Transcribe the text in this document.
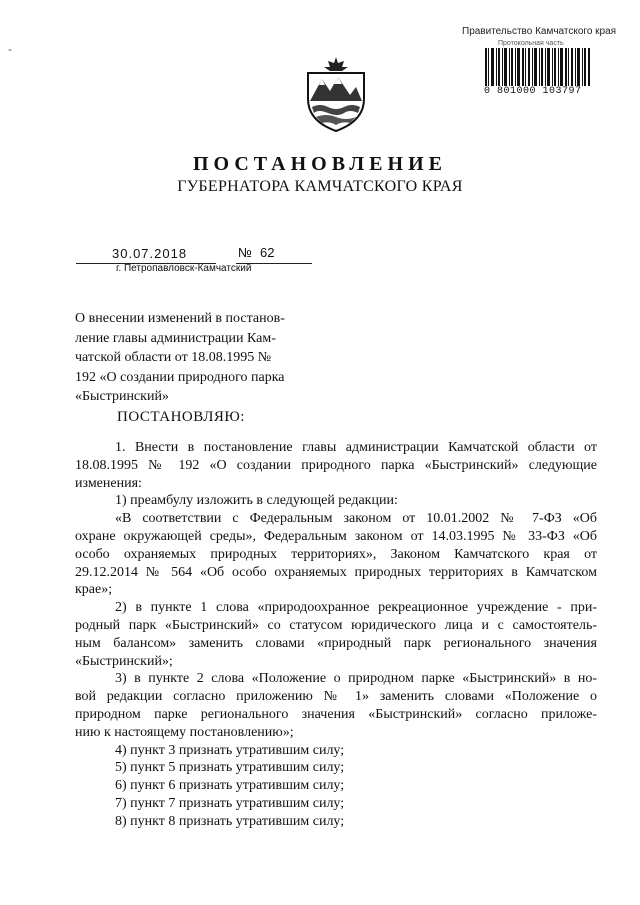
Правительство Камчатского края
Протокольная часть
0 801000 103797
-
ПОСТАНОВЛЕНИЕ
ГУБЕРНАТОРА КАМЧАТСКОГО КРАЯ
30.07.2018	№ 62
г. Петропавловск-Камчатский
О внесении изменений в постанов-
ление главы администрации Кам-
чатской области от 18.08.1995 №
192 «О создании природного парка
«Быстринский»
ПОСТАНОВЛЯЮ:
1. Внести в постановление главы администрации Камчатской области от
18.08.1995 № 192 «О создании природного парка «Быстринский» следующие
изменения:
1) преамбулу изложить в следующей редакции:
«В соответствии с Федеральным законом от 10.01.2002 № 7-ФЗ «Об
охране окружающей среды», Федеральным законом от 14.03.1995 № 33-ФЗ «Об
особо охраняемых природных территориях», Законом Камчатского края от
29.12.2014 № 564 «Об особо охраняемых природных территориях в Камчатском
крае»;
2) в пункте 1 слова «природоохранное рекреационное учреждение - при-
родный парк «Быстринский» со статусом юридического лица и с самостоятель-
ным балансом» заменить словами «природный парк регионального значения
«Быстринский»;
3) в пункте 2 слова «Положение о природном парке «Быстринский» в но-
вой редакции согласно приложению № 1» заменить словами «Положение о
природном парке регионального значения «Быстринский» согласно приложе-
нию к настоящему постановлению»;
4) пункт 3 признать утратившим силу;
5) пункт 5 признать утратившим силу;
6) пункт 6 признать утратившим силу;
7) пункт 7 признать утратившим силу;
8) пункт 8 признать утратившим силу;
